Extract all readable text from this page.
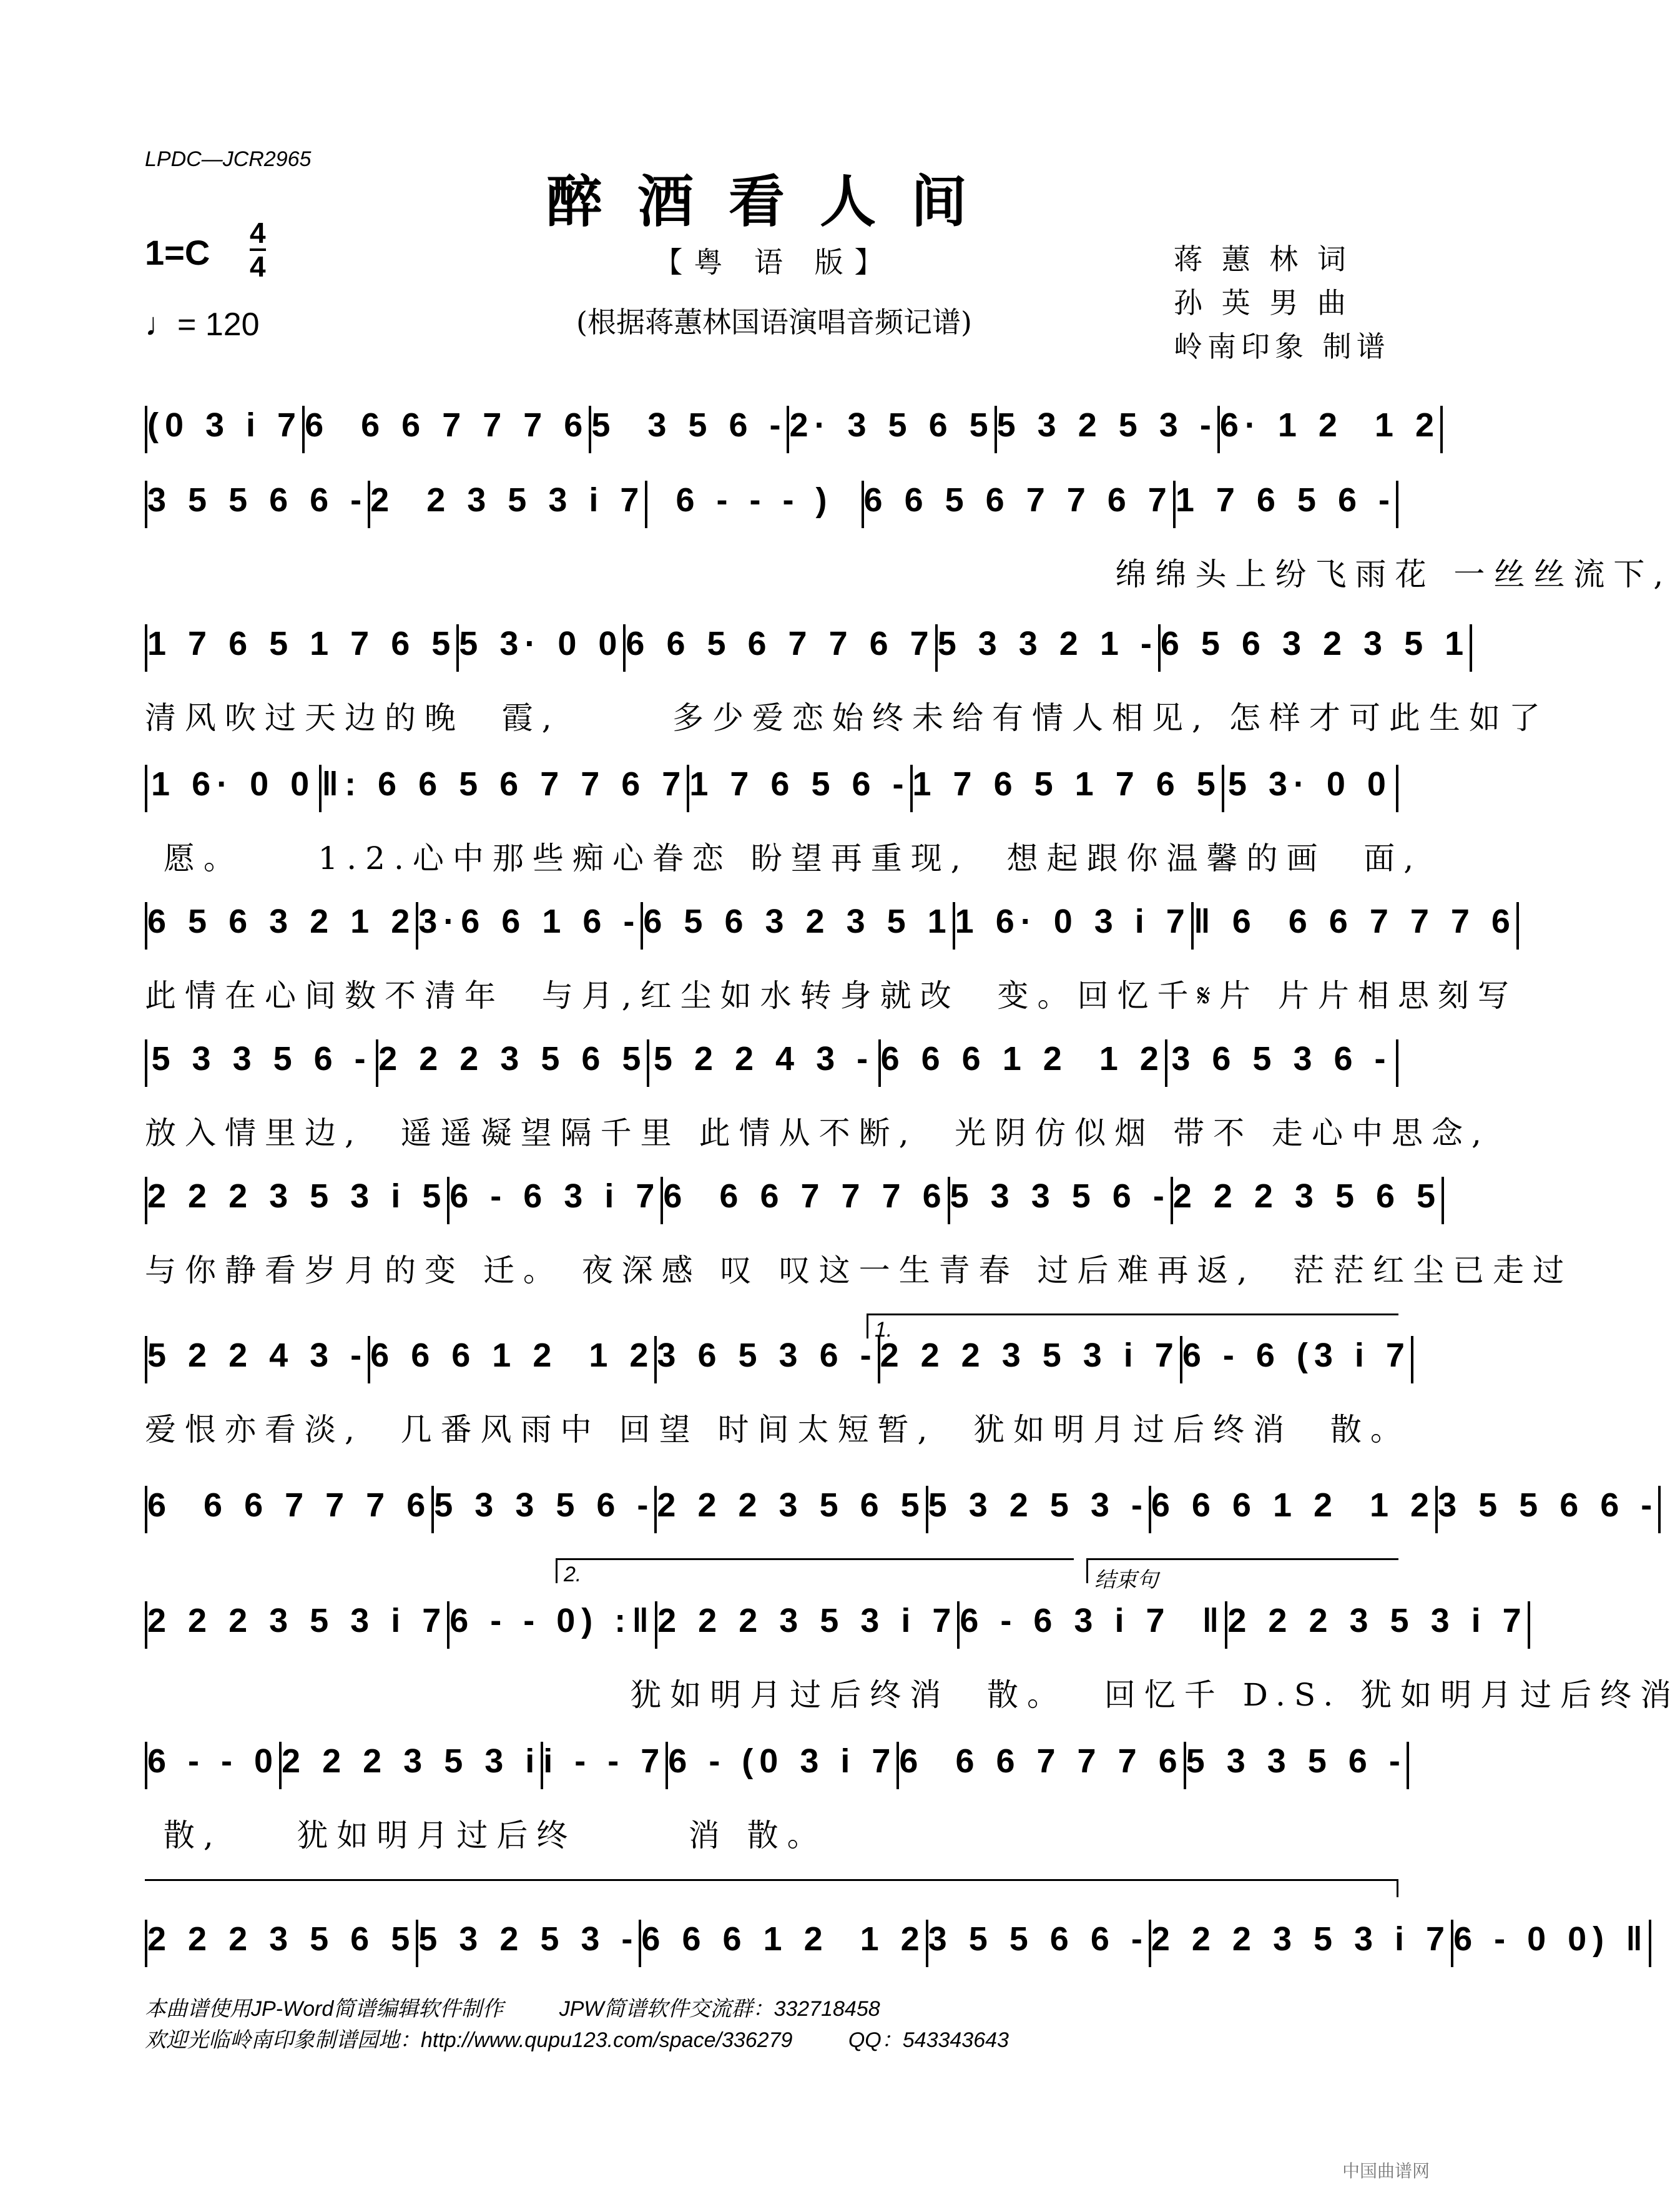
LPDC—JCR2965
醉酒看人间
1=C 4
4
♩= 120
【粤 语 版】
(根据蒋蕙林国语演唱音频记谱)
蒋 蕙 林 词
孙 英 男 曲
岭南印象 制谱
(0 3 i 7 6  6 6 7 7 7 6 5  3 5 6 - 2· 3 5 6 5 5 3 2 5 3 - 6· 1 2  1 2
3 5 5 6 6 - 2  2 3 5 3 i 7 6 - - - ) 6 6 5 6 7 7 6 7 1 7 6 5 6 -
绵绵头上纷飞雨花 一丝丝流下,
1 7 6 5 1 7 6 5 5 3· 0 0 6 6 5 6 7 7 6 7 5 3 3 2 1 - 6 5 6 3 2 3 5 1
清风吹过天边的晚  霞,      多少爱恋始终未给有情人相见, 怎样才可此生如了
1 6· 0 0 ‖: 6 6 5 6 7 7 6 7 1 7 6 5 6 - 1 7 6 5 1 7 6 5 5 3· 0 0
愿。    1.2.心中那些痴心眷恋 盼望再重现,  想起跟你温馨的画  面,
6 5 6 3 2 1 2 3·6 6 1 6 - 6 5 6 3 2 3 5 1 1 6· 0 3 i 7 ‖ 6  6 6 7 7 7 6
此情在心间数不清年  与月,红尘如水转身就改  变。回忆千𝄋片 片片相思刻写
5 3 3 5 6 - 2 2 2 3 5 6 5 5 2 2 4 3 - 6 6 6 1 2  1 2 3 6 5 3 6 -
放入情里边,  遥遥凝望隔千里 此情从不断,  光阴仿似烟 带不 走心中思念,
2 2 2 3 5 3 i 5 6 - 6 3 i 7 6  6 6 7 7 7 6 5 3 3 5 6 - 2 2 2 3 5 6 5
与你静看岁月的变 迁。 夜深感 叹 叹这一生青春 过后难再返,  茫茫红尘已走过
5 2 2 4 3 - 6 6 6 1 2  1 2 3 6 5 3 6 - 2 2 2 3 5 3 i 7 6 - 6 (3 i 7
爱恨亦看淡,  几番风雨中 回望 时间太短暂,  犹如明月过后终消  散。
6  6 6 7 7 7 6 5 3 3 5 6 - 2 2 2 3 5 6 5 5 3 2 5 3 - 6 6 6 1 2  1 2 3 5 5 6 6 -
2 2 2 3 5 3 i 7 6 - - 0) :‖ 2 2 2 3 5 3 i 7 6 - 6 3 i 7  ‖ 2 2 2 3 5 3 i 7
犹如明月过后终消  散。  回忆千 D.S. 犹如明月过后终消
6 - - 0 2 2 2 3 5 3 i i - - 7 6 - (0 3 i 7 6  6 6 7 7 7 6 5 3 3 5 6 -
散,    犹如明月过后终      消 散。
2 2 2 3 5 6 5 5 3 2 5 3 - 6 6 6 1 2  1 2 3 5 5 6 6 - 2 2 2 3 5 3 i 7 6 - 0 0) ‖
1.
2.	结束句
本曲谱使用JP-Word简谱编辑软件制作	JPW简谱软件交流群：332718458
欢迎光临岭南印象制谱园地：http://www.qupu123.com/space/336279	QQ：543343643
中国曲谱网
